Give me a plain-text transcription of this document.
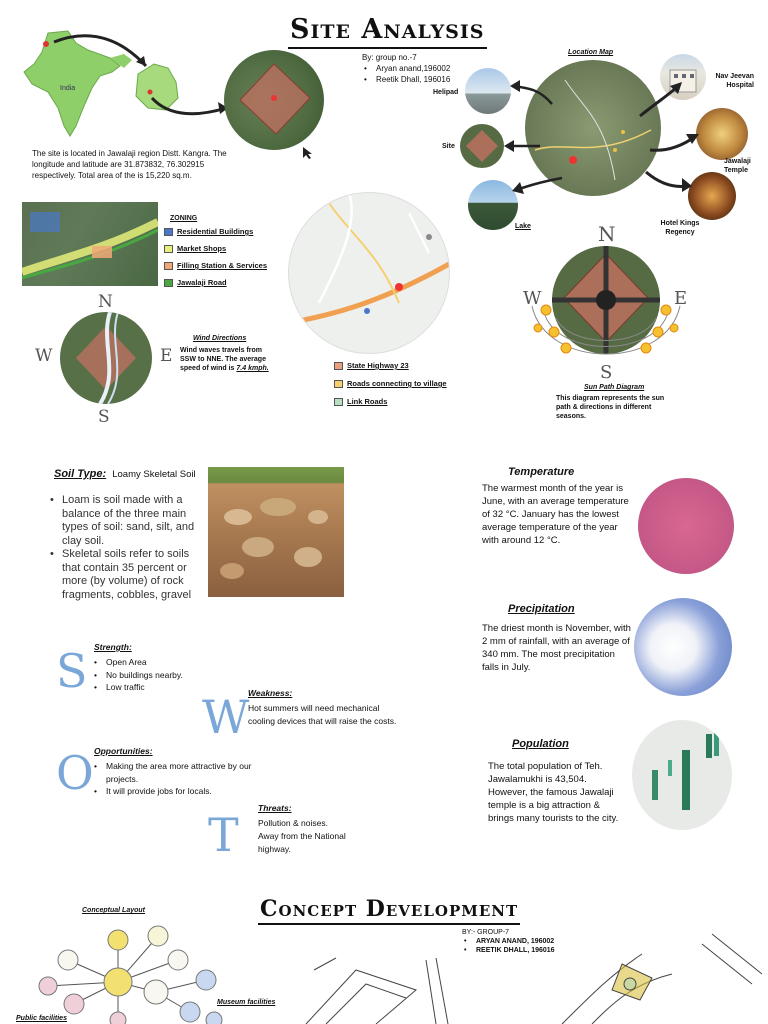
Site Analysis
By: group no.-7
• Aryan anand,196002
• Reetik Dhall, 196016
India
The site is located in Jawalaji region Distt. Kangra. The longitude and latitude are 31.873832, 76.302915 respectively. Total area of the is 15,220 sq.m.
Location Map
Helipad
Site
Lake
Nav Jeevan Hospital
Jawalaji Temple
Hotel Kings Regency
ZONING
Residential Buildings
Market Shops
Filling Station & Services
Jawalaji Road
State Highway 23
Roads connecting to village
Link Roads
N
W	E
S
Wind Directions
Wind waves travels from SSW to NNE. The average speed of wind is 7.4 kmph.
N
W	E
S
Sun Path Diagram
This diagram represents the sun path & directions in different seasons.
Soil Type: Loamy Skeletal Soil
• Loam is soil made with a balance of the three main types of soil: sand, silt, and clay soil.
• Skeletal soils refer to soils that contain 35 percent or more (by volume) of rock fragments, cobbles, gravel
Temperature
The warmest month of the year is June, with an average temperature of 32 °C. January has the lowest average temperature of the year with around 12 °C.
Precipitation
The driest month is November, with 2 mm of rainfall, with an average of 340 mm. The most precipitation falls in July.
Population
The total population of Teh. Jawalamukhi is 43,504. However, the famous Jawalaji temple is a big attraction & brings many tourists to the city.
S Strength:
• Open Area
• No buildings nearby.
• Low traffic
W
Weakness:
Hot summers will need mechanical cooling devices that will raise the costs.
O Opportunities:
• Making the area more attractive by our projects.
• It will provide jobs for locals.
T Threats:
Pollution & noises.
Away from the National highway.
Concept Development
Conceptual Layout
Museum facilities
Public facilities
BY:- GROUP-7
• ARYAN ANAND, 196002
• REETIK DHALL, 196016
